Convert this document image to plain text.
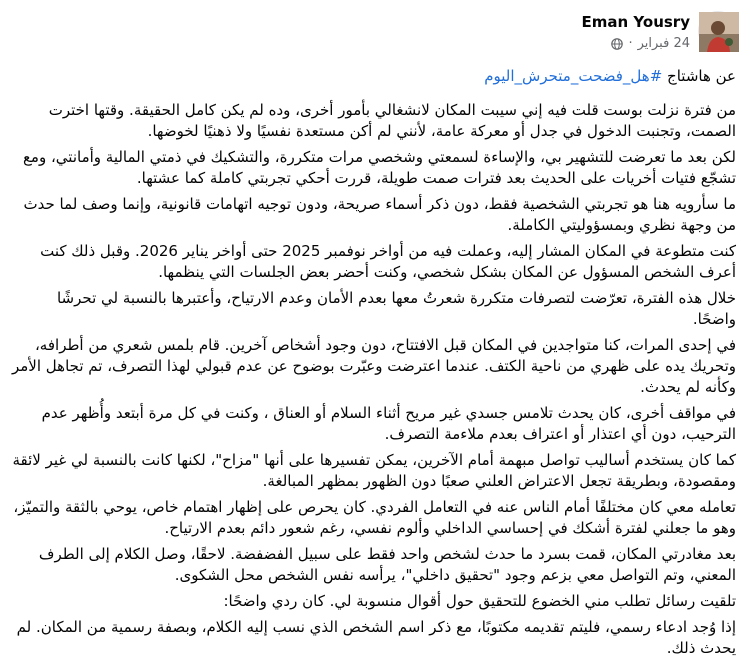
Eman Yousry
24 فبراير
·

عن هاشتاج #هل_فضحت_متحرش_اليوم

من فترة نزلت بوست قلت فيه إني سيبت المكان لانشغالي بأمور أخرى، وده لم يكن كامل الحقيقة. وقتها اخترت الصمت، وتجنبت الدخول في جدل أو معركة عامة، لأنني لم أكن مستعدة نفسيًا ولا ذهنيًا لخوضها.

لكن بعد ما تعرضت للتشهير بي، والإساءة لسمعتي وشخصي مرات متكررة، والتشكيك في ذمتي المالية وأمانتي، ومع تشجّع فتيات أخريات على الحديث بعد فترات صمت طويلة، قررت أحكي تجربتي كاملة كما عشتها.

ما سأرويه هنا هو تجربتي الشخصية فقط، دون ذكر أسماء صريحة، ودون توجيه اتهامات قانونية، وإنما وصف لما حدث من وجهة نظري وبمسؤوليتي الكاملة.

كنت متطوعة في المكان المشار إليه، وعملت فيه من أواخر نوفمبر 2025 حتى أواخر يناير 2026. وقبل ذلك كنت أعرف الشخص المسؤول عن المكان بشكل شخصي، وكنت أحضر بعض الجلسات التي ينظمها.

خلال هذه الفترة، تعرّضت لتصرفات متكررة شعرتُ معها بعدم الأمان وعدم الارتياح، وأعتبرها بالنسبة لي تحرشًا واضحًا.

في إحدى المرات، كنا متواجدين في المكان قبل الافتتاح، دون وجود أشخاص آخرين. قام بلمس شعري من أطرافه، وتحريك يده على ظهري من ناحية الكتف. عندما اعترضت وعبّرت بوضوح عن عدم قبولي لهذا التصرف، تم تجاهل الأمر وكأنه لم يحدث.

في مواقف أخرى، كان يحدث تلامس جسدي غير مريح أثناء السلام أو العناق ، وكنت في كل مرة أبتعد وأُظهر عدم الترحيب، دون أي اعتذار أو اعتراف بعدم ملاءمة التصرف.

كما كان يستخدم أساليب تواصل مبهمة أمام الآخرين، يمكن تفسيرها على أنها "مزاح"، لكنها كانت بالنسبة لي غير لائقة ومقصودة، وبطريقة تجعل الاعتراض العلني صعبًا دون الظهور بمظهر المبالغة.

تعامله معي كان مختلفًا أمام الناس عنه في التعامل الفردي. كان يحرص على إظهار اهتمام خاص، يوحي بالثقة والتميّز، وهو ما جعلني لفترة أشكك في إحساسي الداخلي وألوم نفسي، رغم شعور دائم بعدم الارتياح.

بعد مغادرتي المكان، قمت بسرد ما حدث لشخص واحد فقط على سبيل الفضفضة. لاحقًا، وصل الكلام إلى الطرف المعني، وتم التواصل معي بزعم وجود "تحقيق داخلي"، يرأسه نفس الشخص محل الشكوى.

تلقيت رسائل تطلب مني الخضوع للتحقيق حول أقوال منسوبة لي. كان ردي واضحًا:

إذا وُجد ادعاء رسمي، فليتم تقديمه مكتوبًا، مع ذكر اسم الشخص الذي نسب إليه الكلام، وبصفة رسمية من المكان. لم يحدث ذلك.
